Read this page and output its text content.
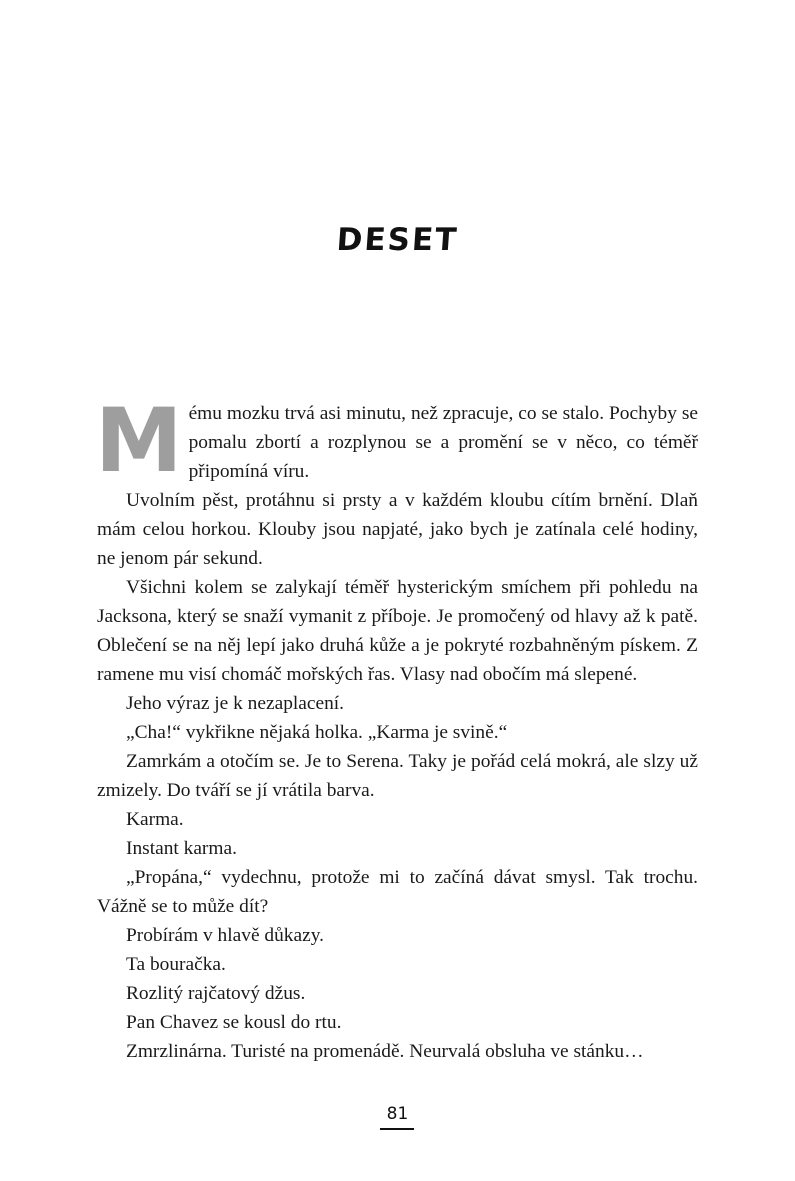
DESET

Mému mozku trvá asi minutu, než zpracuje, co se stalo. Pochyby se pomalu zbortí a rozplynou se a promění se v něco, co téměř připomíná víru.

Uvolním pěst, protáhnu si prsty a v každém kloubu cítím brnění. Dlaň mám celou horkou. Klouby jsou napjaté, jako bych je zatínala celé hodiny, ne jenom pár sekund.

Všichni kolem se zalykají téměř hysterickým smíchem při pohledu na Jacksona, který se snaží vymanit z příboje. Je promočený od hlavy až k patě. Oblečení se na něj lepí jako druhá kůže a je pokryté rozbahněným pískem. Z ramene mu visí chomáč mořských řas. Vlasy nad obočím má slepené.

Jeho výraz je k nezaplacení.

„Cha!“ vykřikne nějaká holka. „Karma je svině.“

Zamrkám a otočím se. Je to Serena. Taky je pořád celá mokrá, ale slzy už zmizely. Do tváří se jí vrátila barva.

Karma.

Instant karma.

„Propána,“ vydechnu, protože mi to začíná dávat smysl. Tak trochu. Vážně se to může dít?

Probírám v hlavě důkazy.

Ta bouračka.

Rozlitý rajčatový džus.

Pan Chavez se kousl do rtu.

Zmrzlinárna. Turisté na promenádě. Neurvalá obsluha ve stánku…

81
